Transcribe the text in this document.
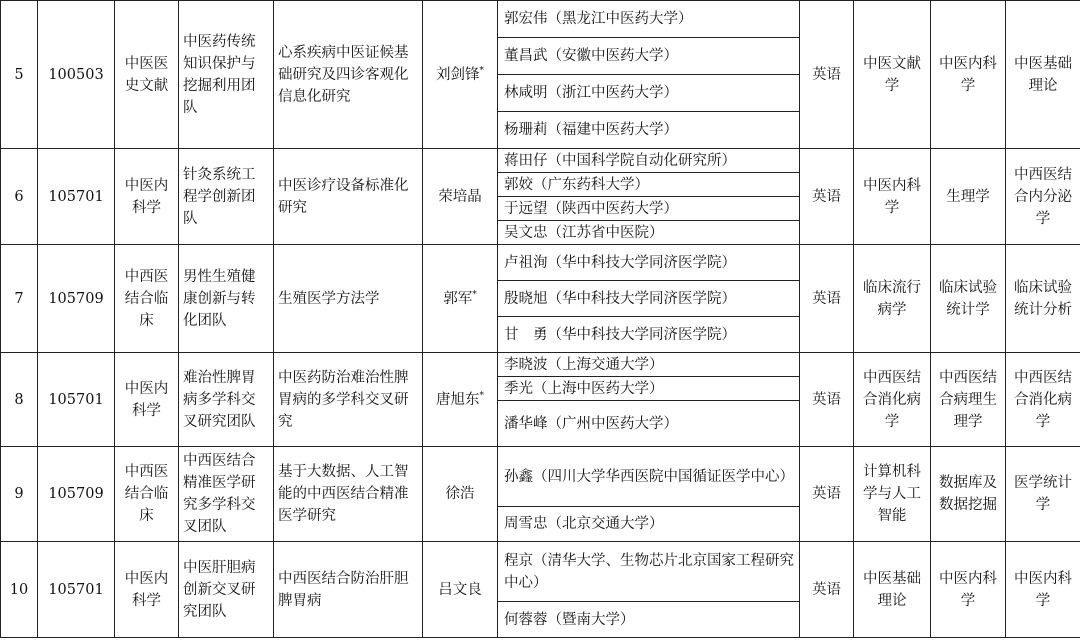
5	100503	中医医史文献	中医药传统知识保护与挖掘利用团队	心系疾病中医证候基础研究及四诊客观化信息化研究	刘剑锋*	郭宏伟（黑龙江中医药大学）	英语	中医文献学	中医内科学	中医基础理论
						董昌武（安徽中医药大学）				
						林咸明（浙江中医药大学）				
						杨珊莉（福建中医药大学）				
6	105701	中医内科学	针灸系统工程学创新团队	中医诊疗设备标准化研究	荣培晶	蒋田仔（中国科学院自动化研究所）	英语	中医内科学	生理学	中西医结合内分泌学
						郭姣（广东药科大学）				
						于远望（陕西中医药大学）				
						吴文忠（江苏省中医院）				
7	105709	中西医结合临床	男性生殖健康创新与转化团队	生殖医学方法学	郭军*	卢祖洵（华中科技大学同济医学院）	英语	临床流行病学	临床试验统计学	临床试验统计分析
						殷晓旭（华中科技大学同济医学院）				
						甘　勇（华中科技大学同济医学院）				
8	105701	中医内科学	难治性脾胃病多学科交叉研究团队	中医药防治难治性脾胃病的多学科交叉研究	唐旭东*	李晓波（上海交通大学）	英语	中西医结合消化病学	中西医结合病理生理学	中西医结合消化病学
						季光（上海中医药大学）				
						潘华峰（广州中医药大学）				
9	105709	中西医结合临床	中西医结合精准医学研究多学科交叉团队	基于大数据、人工智能的中西医结合精准医学研究	徐浩	孙鑫（四川大学华西医院中国循证医学中心）	英语	计算机科学与人工智能	数据库及数据挖掘	医学统计学
						周雪忠（北京交通大学）				
10	105701	中医内科学	中医肝胆病创新交叉研究团队	中西医结合防治肝胆脾胃病	吕文良	程京（清华大学、生物芯片北京国家工程研究中心）	英语	中医基础理论	中医内科学	中医内科学
						何蓉蓉（暨南大学）				
